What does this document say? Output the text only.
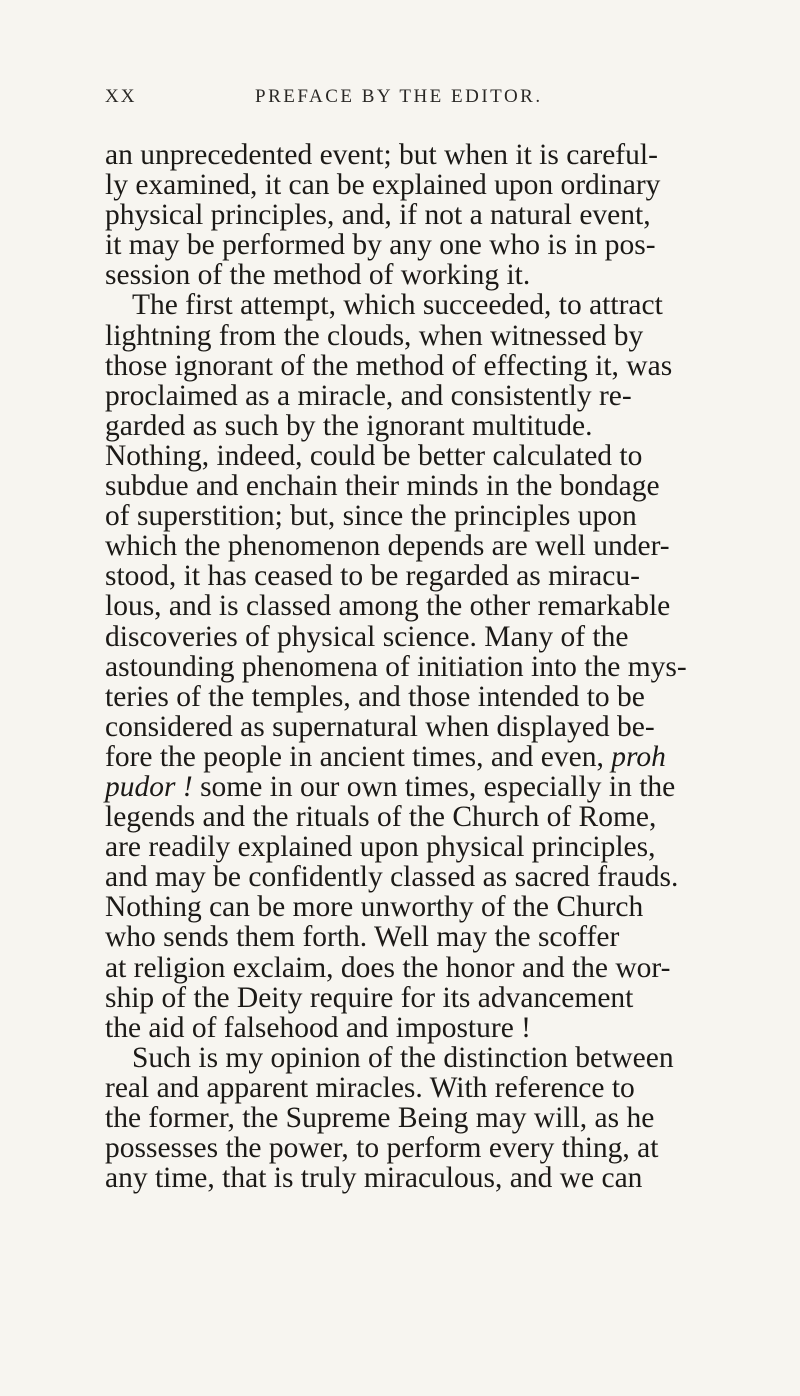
XX	PREFACE BY THE EDITOR.
an unprecedented event; but when it is careful-
ly examined, it can be explained upon ordinary
physical principles, and, if not a natural event,
it may be performed by any one who is in pos-
session of the method of working it.
The first attempt, which succeeded, to attract
lightning from the clouds, when witnessed by
those ignorant of the method of effecting it, was
proclaimed as a miracle, and consistently re-
garded as such by the ignorant multitude.
Nothing, indeed, could be better calculated to
subdue and enchain their minds in the bondage
of superstition; but, since the principles upon
which the phenomenon depends are well under-
stood, it has ceased to be regarded as miracu-
lous, and is classed among the other remarkable
discoveries of physical science. Many of the
astounding phenomena of initiation into the mys-
teries of the temples, and those intended to be
considered as supernatural when displayed be-
fore the people in ancient times, and even, proh
pudor ! some in our own times, especially in the
legends and the rituals of the Church of Rome,
are readily explained upon physical principles,
and may be confidently classed as sacred frauds.
Nothing can be more unworthy of the Church
who sends them forth. Well may the scoffer
at religion exclaim, does the honor and the wor-
ship of the Deity require for its advancement
the aid of falsehood and imposture !
Such is my opinion of the distinction between
real and apparent miracles. With reference to
the former, the Supreme Being may will, as he
possesses the power, to perform every thing, at
any time, that is truly miraculous, and we can
